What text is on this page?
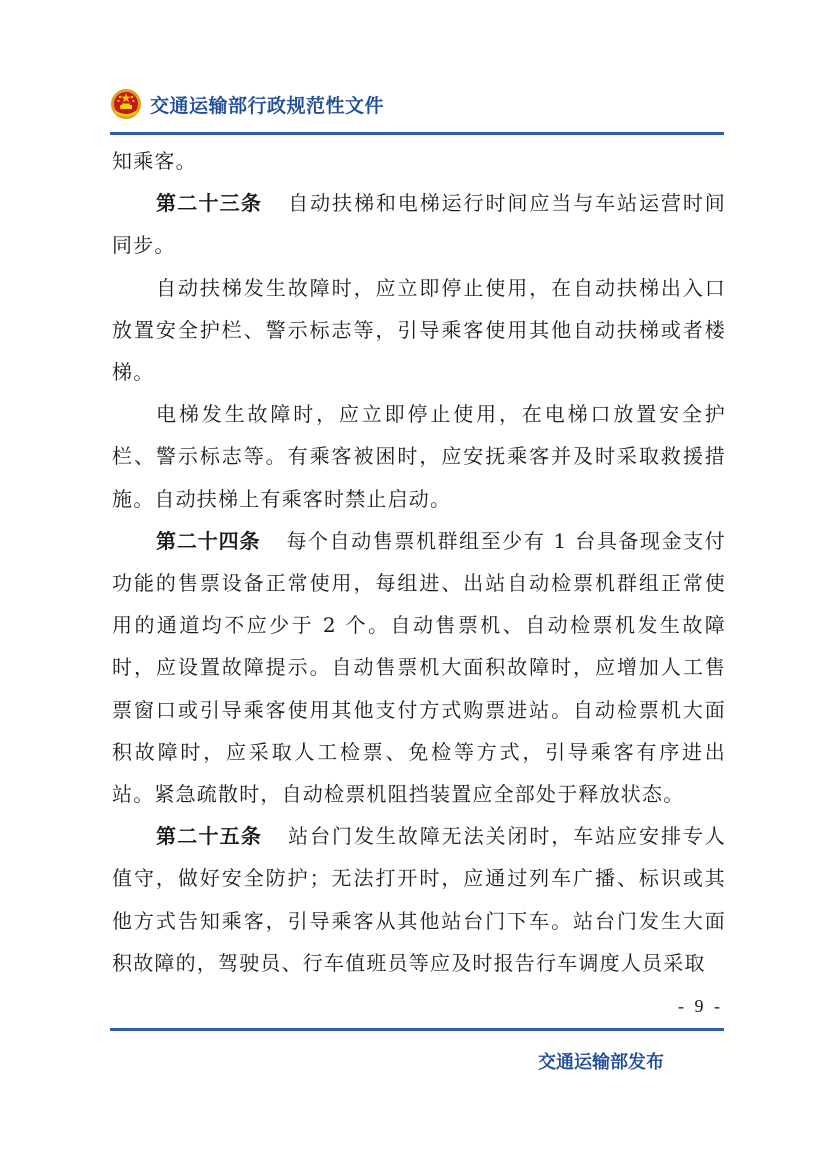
交通运输部行政规范性文件

知乘客。

第二十三条 自动扶梯和电梯运行时间应当与车站运营时间同步。

自动扶梯发生故障时，应立即停止使用，在自动扶梯出入口放置安全护栏、警示标志等，引导乘客使用其他自动扶梯或者楼梯。

电梯发生故障时，应立即停止使用，在电梯口放置安全护栏、警示标志等。有乘客被困时，应安抚乘客并及时采取救援措施。自动扶梯上有乘客时禁止启动。

第二十四条 每个自动售票机群组至少有 1 台具备现金支付功能的售票设备正常使用，每组进、出站自动检票机群组正常使用的通道均不应少于 2 个。自动售票机、自动检票机发生故障时，应设置故障提示。自动售票机大面积故障时，应增加人工售票窗口或引导乘客使用其他支付方式购票进站。自动检票机大面积故障时，应采取人工检票、免检等方式，引导乘客有序进出站。紧急疏散时，自动检票机阻挡装置应全部处于释放状态。

第二十五条 站台门发生故障无法关闭时，车站应安排专人值守，做好安全防护；无法打开时，应通过列车广播、标识或其他方式告知乘客，引导乘客从其他站台门下车。站台门发生大面积故障的，驾驶员、行车值班员等应及时报告行车调度人员采取

- 9 -
交通运输部发布
